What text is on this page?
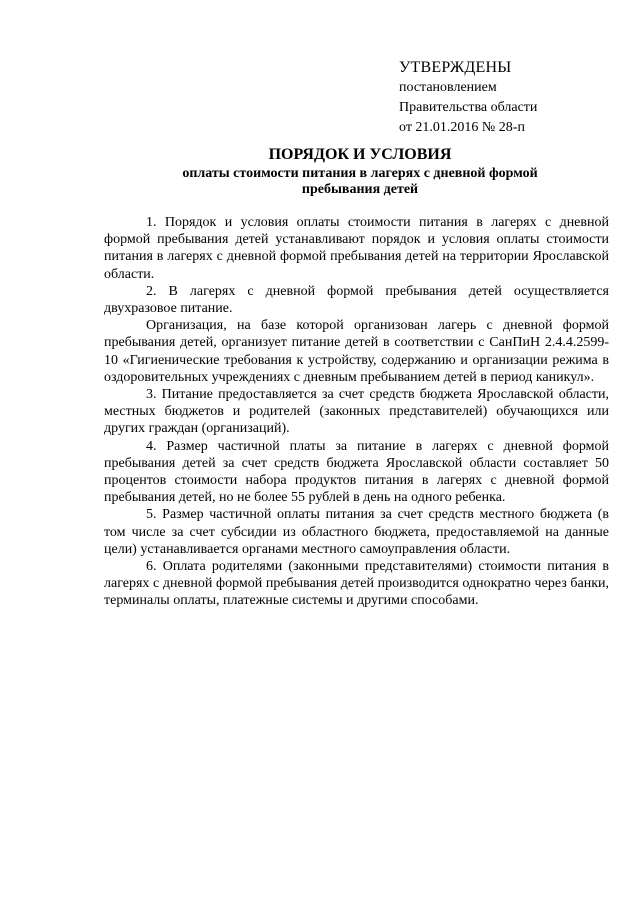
УТВЕРЖДЕНЫ
постановлением
Правительства области
от 21.01.2016 № 28-п
ПОРЯДОК И УСЛОВИЯ
оплаты стоимости питания в лагерях с дневной формой пребывания детей

1. Порядок и условия оплаты стоимости питания в лагерях с дневной формой пребывания детей устанавливают порядок и условия оплаты стоимости питания в лагерях с дневной формой пребывания детей на территории Ярославской области.

2. В лагерях с дневной формой пребывания детей осуществляется двухразовое питание.

Организация, на базе которой организован лагерь с дневной формой пребывания детей, организует питание детей в соответствии с СанПиН 2.4.4.2599-10 «Гигиенические требования к устройству, содержанию и организации режима в оздоровительных учреждениях с дневным пребыванием детей в период каникул».

3. Питание предоставляется за счет средств бюджета Ярославской области, местных бюджетов и родителей (законных представителей) обучающихся или других граждан (организаций).

4. Размер частичной платы за питание в лагерях с дневной формой пребывания детей за счет средств бюджета Ярославской области составляет 50 процентов стоимости набора продуктов питания в лагерях с дневной формой пребывания детей, но не более 55 рублей в день на одного ребенка.

5. Размер частичной оплаты питания за счет средств местного бюджета (в том числе за счет субсидии из областного бюджета, предоставляемой на данные цели) устанавливается органами местного самоуправления области.

6. Оплата родителями (законными представителями) стоимости питания в лагерях с дневной формой пребывания детей производится однократно через банки, терминалы оплаты, платежные системы и другими способами.
